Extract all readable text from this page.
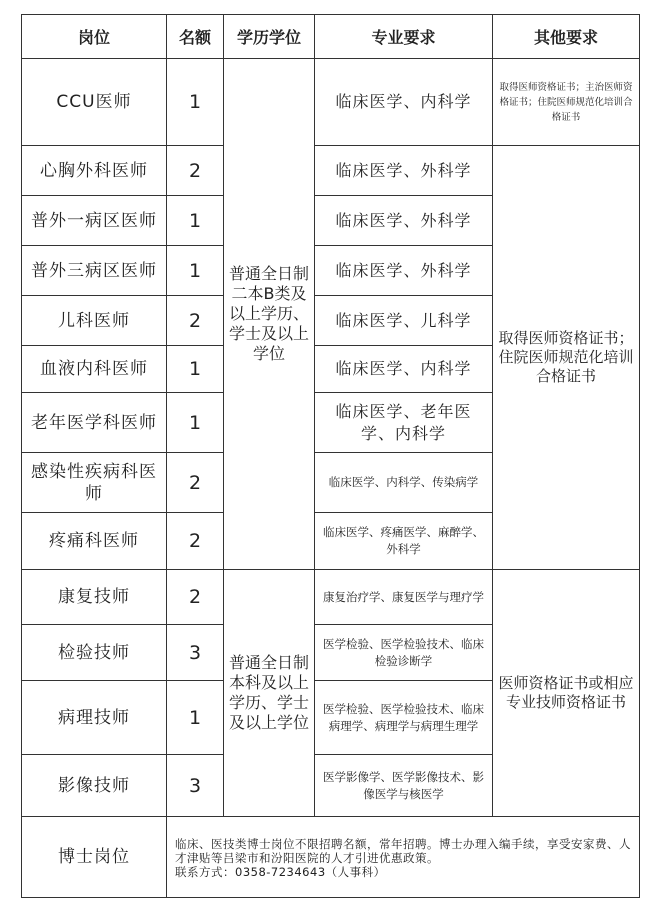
岗位	名额	学历学位	专业要求	其他要求
CCU医师	1	普通全日制二本B类及以上学历、学士及以上学位	临床医学、内科学	取得医师资格证书；主治医师资格证书；住院医师规范化培训合格证书
心胸外科医师	2		临床医学、外科学	取得医师资格证书；住院医师规范化培训合格证书
普外一病区医师	1		临床医学、外科学	
普外三病区医师	1		临床医学、外科学	
儿科医师	2		临床医学、儿科学	
血液内科医师	1		临床医学、内科学	
老年医学科医师	1		临床医学、老年医学、内科学	
感染性疾病科医师	2		临床医学、内科学、传染病学	
疼痛科医师	2		临床医学、疼痛医学、麻醉学、外科学	
康复技师	2	普通全日制本科及以上学历、学士及以上学位	康复治疗学、康复医学与理疗学	医师资格证书或相应专业技师资格证书
检验技师	3		医学检验、医学检验技术、临床检验诊断学	
病理技师	1		医学检验、医学检验技术、临床病理学、病理学与病理生理学	
影像技师	3		医学影像学、医学影像技术、影像医学与核医学	
博士岗位	临床、医技类博士岗位不限招聘名额，常年招聘。博士办理入编手续，享受安家费、人才津贴等吕梁市和汾阳医院的人才引进优惠政策。

联系方式：0358-7234643（人事科）			
